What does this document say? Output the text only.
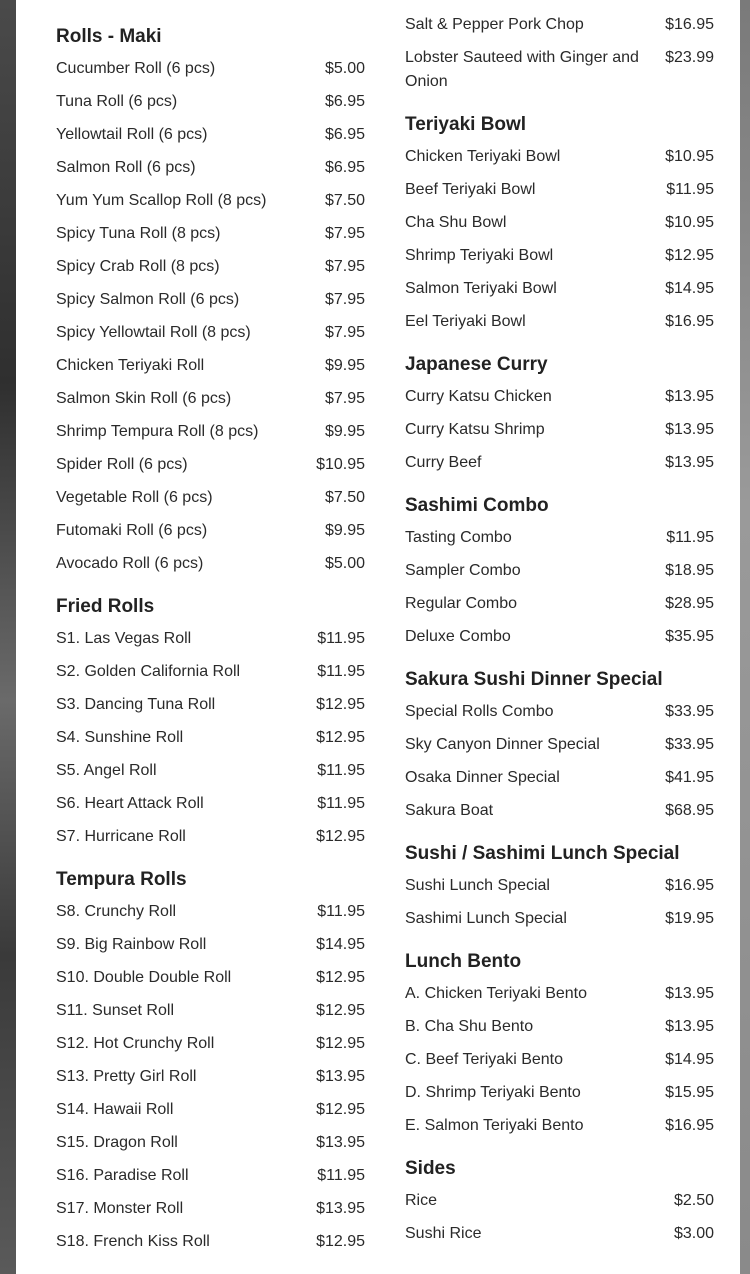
Rolls - Maki
Cucumber Roll (6 pcs)	$5.00
Tuna Roll (6 pcs)	$6.95
Yellowtail Roll (6 pcs)	$6.95
Salmon Roll (6 pcs)	$6.95
Yum Yum Scallop Roll (8 pcs)	$7.50
Spicy Tuna Roll (8 pcs)	$7.95
Spicy Crab Roll (8 pcs)	$7.95
Spicy Salmon Roll (6 pcs)	$7.95
Spicy Yellowtail Roll (8 pcs)	$7.95
Chicken Teriyaki Roll	$9.95
Salmon Skin Roll (6 pcs)	$7.95
Shrimp Tempura Roll (8 pcs)	$9.95
Spider Roll (6 pcs)	$10.95
Vegetable Roll (6 pcs)	$7.50
Futomaki Roll (6 pcs)	$9.95
Avocado Roll (6 pcs)	$5.00
Fried Rolls
S1. Las Vegas Roll	$11.95
S2. Golden California Roll	$11.95
S3. Dancing Tuna Roll	$12.95
S4. Sunshine Roll	$12.95
S5. Angel Roll	$11.95
S6. Heart Attack Roll	$11.95
S7. Hurricane Roll	$12.95
Tempura Rolls
S8. Crunchy Roll	$11.95
S9. Big Rainbow Roll	$14.95
S10. Double Double Roll	$12.95
S11. Sunset Roll	$12.95
S12. Hot Crunchy Roll	$12.95
S13. Pretty Girl Roll	$13.95
S14. Hawaii Roll	$12.95
S15. Dragon Roll	$13.95
S16. Paradise Roll	$11.95
S17. Monster Roll	$13.95
S18. French Kiss Roll	$12.95
Salt & Pepper Pork Chop	$16.95
Lobster Sauteed with Ginger and Onion
$23.99
Teriyaki Bowl
Chicken Teriyaki Bowl	$10.95
Beef Teriyaki Bowl	$11.95
Cha Shu Bowl	$10.95
Shrimp Teriyaki Bowl	$12.95
Salmon Teriyaki Bowl	$14.95
Eel Teriyaki Bowl	$16.95
Japanese Curry
Curry Katsu Chicken	$13.95
Curry Katsu Shrimp	$13.95
Curry Beef	$13.95
Sashimi Combo
Tasting Combo	$11.95
Sampler Combo	$18.95
Regular Combo	$28.95
Deluxe Combo	$35.95
Sakura Sushi Dinner Special
Special Rolls Combo	$33.95
Sky Canyon Dinner Special	$33.95
Osaka Dinner Special	$41.95
Sakura Boat	$68.95
Sushi / Sashimi Lunch Special
Sushi Lunch Special	$16.95
Sashimi Lunch Special	$19.95
Lunch Bento
A. Chicken Teriyaki Bento	$13.95
B. Cha Shu Bento	$13.95
C. Beef Teriyaki Bento	$14.95
D. Shrimp Teriyaki Bento	$15.95
E. Salmon Teriyaki Bento	$16.95
Sides
Rice	$2.50
Sushi Rice	$3.00
